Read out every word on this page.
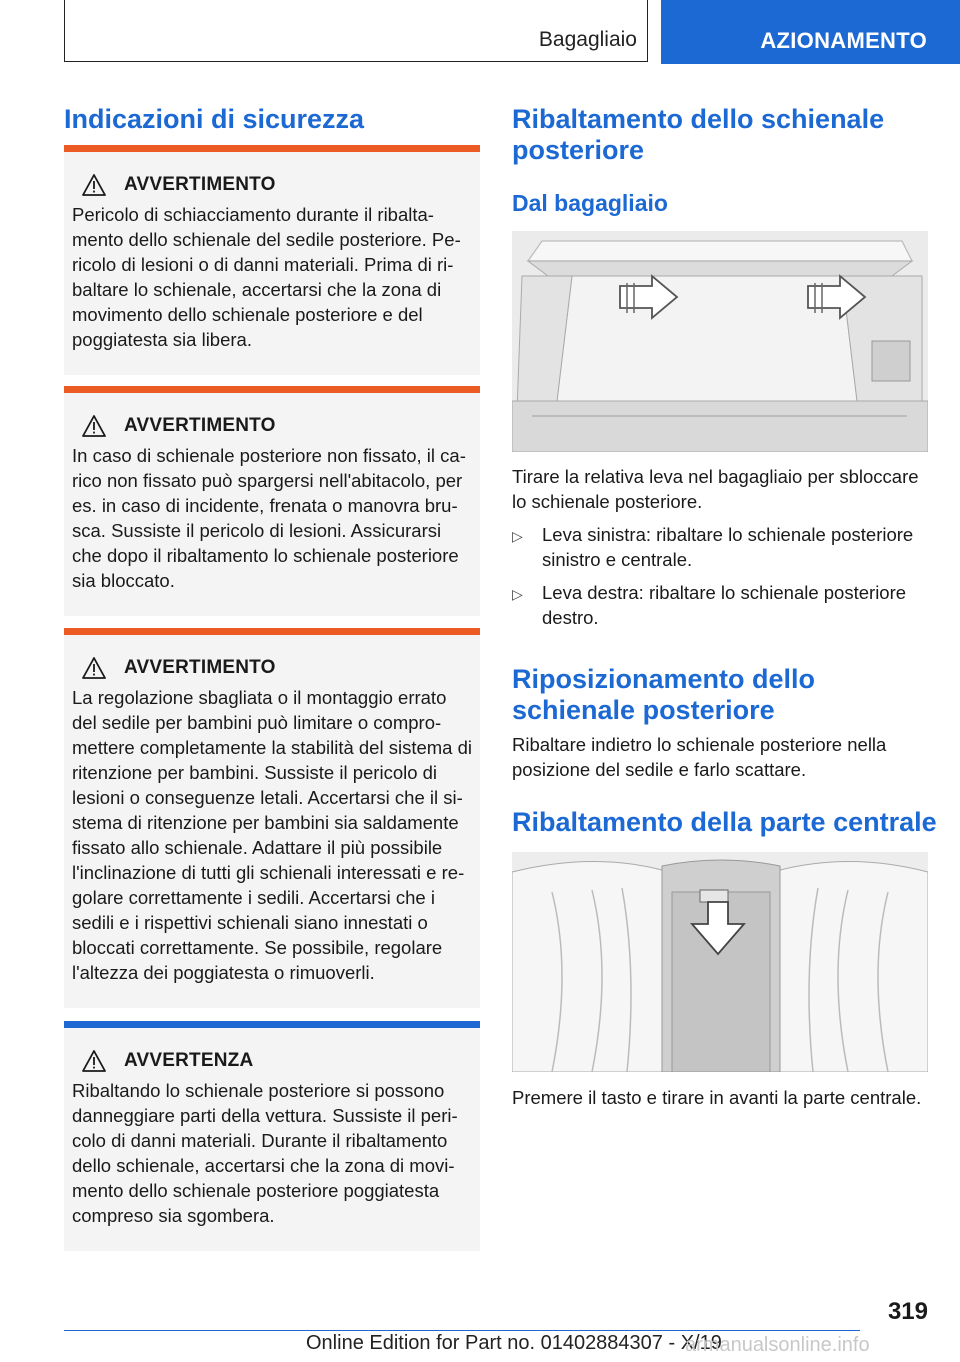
Bagagliaio	AZIONAMENTO
Indicazioni di sicurezza
AVVERTIMENTO

Pericolo di schiacciamento durante il ribaltamento dello schienale del sedile posteriore. Pericolo di lesioni o di danni materiali. Prima di ribaltare lo schienale, accertarsi che la zona di movimento dello schienale posteriore e del poggiatesta sia libera.

AVVERTIMENTO

In caso di schienale posteriore non fissato, il carico non fissato può spargersi nell'abitacolo, per es. in caso di incidente, frenata o manovra brusca. Sussiste il pericolo di lesioni. Assicurarsi che dopo il ribaltamento lo schienale posteriore sia bloccato.

AVVERTIMENTO

La regolazione sbagliata o il montaggio errato del sedile per bambini può limitare o compromettere completamente la stabilità del sistema di ritenzione per bambini. Sussiste il pericolo di lesioni o conseguenze letali. Accertarsi che il sistema di ritenzione per bambini sia saldamente fissato allo schienale. Adattare il più possibile l'inclinazione di tutti gli schienali interessati e regolare correttamente i sedili. Accertarsi che i sedili e i rispettivi schienali siano innestati o bloccati correttamente. Se possibile, regolare l'altezza dei poggiatesta o rimuoverli.

AVVERTENZA

Ribaltando lo schienale posteriore si possono danneggiare parti della vettura. Sussiste il pericolo di danni materiali. Durante il ribaltamento dello schienale, accertarsi che la zona di movimento dello schienale posteriore poggiatesta compreso sia sgombera.

Ribaltamento dello schienale posteriore
Dal bagagliaio

Tirare la relativa leva nel bagagliaio per sbloccare lo schienale posteriore.

▷	Leva sinistra: ribaltare lo schienale posteriore sinistro e centrale.
▷	Leva destra: ribaltare lo schienale posteriore destro.
Riposizionamento dello schienale posteriore

Ribaltare indietro lo schienale posteriore nella posizione del sedile e farlo scattare.

Ribaltamento della parte centrale

Premere il tasto e tirare in avanti la parte centrale.

319
Online Edition for Part no. 01402884307 - X/19
armanualsonline.info
